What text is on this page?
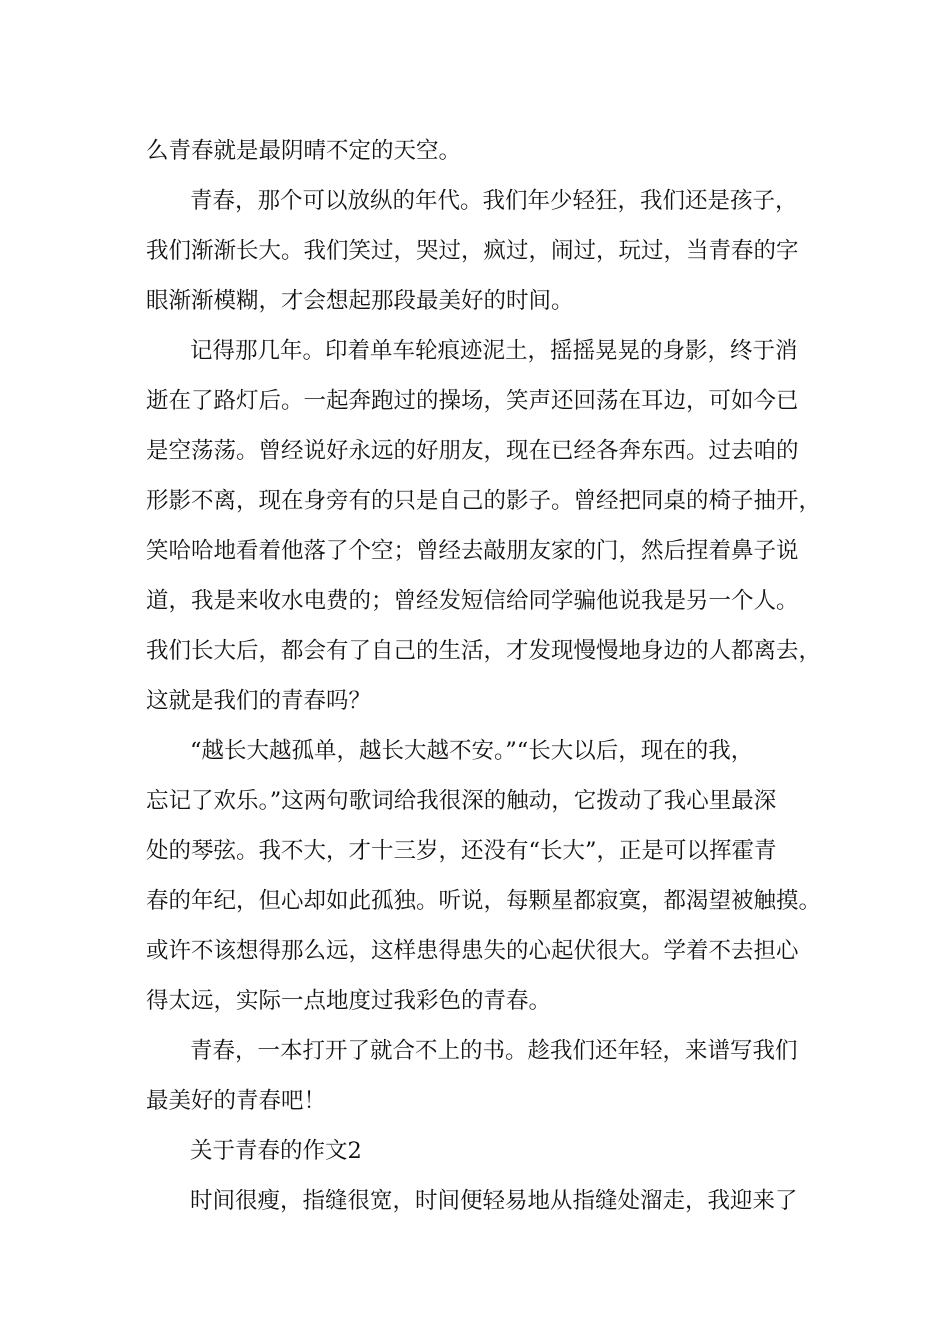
么青春就是最阴晴不定的天空。
青春，那个可以放纵的年代。我们年少轻狂，我们还是孩子，
我们渐渐长大。我们笑过，哭过，疯过，闹过，玩过，当青春的字
眼渐渐模糊，才会想起那段最美好的时间。
记得那几年。印着单车轮痕迹泥土，摇摇晃晃的身影，终于消
逝在了路灯后。一起奔跑过的操场，笑声还回荡在耳边，可如今已
是空荡荡。曾经说好永远的好朋友，现在已经各奔东西。过去咱的
形影不离，现在身旁有的只是自己的影子。曾经把同桌的椅子抽开，
笑哈哈地看着他落了个空；曾经去敲朋友家的门，然后捏着鼻子说
道，我是来收水电费的；曾经发短信给同学骗他说我是另一个人。
我们长大后，都会有了自己的生活，才发现慢慢地身边的人都离去，
这就是我们的青春吗？
“越长大越孤单，越长大越不安。”“长大以后，现在的我，
忘记了欢乐。”这两句歌词给我很深的触动，它拨动了我心里最深
处的琴弦。我不大，才十三岁，还没有“长大”，正是可以挥霍青
春的年纪，但心却如此孤独。听说，每颗星都寂寞，都渴望被触摸。
或许不该想得那么远，这样患得患失的心起伏很大。学着不去担心
得太远，实际一点地度过我彩色的青春。
青春，一本打开了就合不上的书。趁我们还年轻，来谱写我们
最美好的青春吧！
关于青春的作文2
时间很瘦，指缝很宽，时间便轻易地从指缝处溜走，我迎来了
